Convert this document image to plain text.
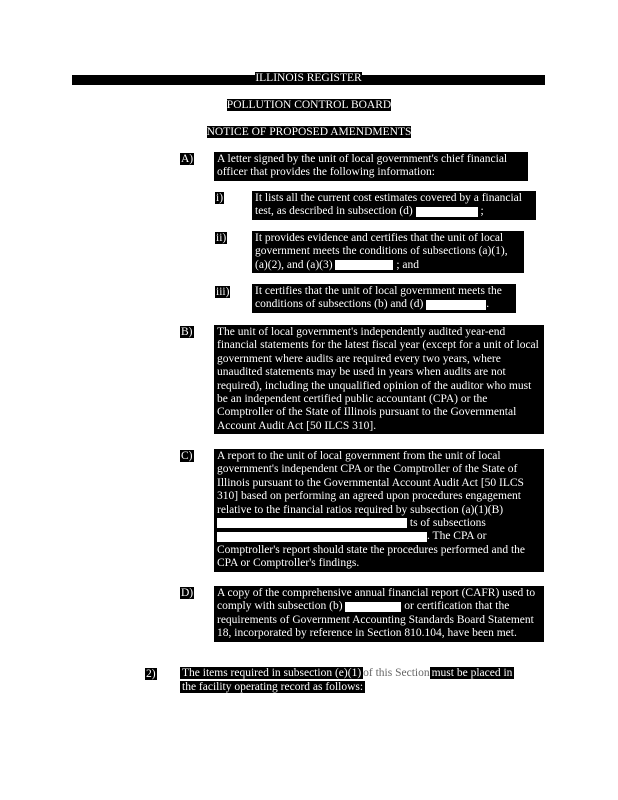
ILLINOIS REGISTER
POLLUTION CONTROL BOARD
NOTICE OF PROPOSED AMENDMENTS
A) A letter signed by the unit of local government's chief financial officer that provides the following information:

i)	It lists all the current cost estimates covered by a financial test, as described in subsection (d)	;

ii)	It provides evidence and certifies that the unit of local government meets the conditions of subsections (a)(1), (a)(2), and (a)(3)	; and

iii) It certifies that the unit of local government meets the conditions of subsections (b) and (d)	.

B) The unit of local government's independently audited year-end financial statements for the latest fiscal year (except for a unit of local government where audits are required every two years, where unaudited statements may be used in years when audits are not required), including the unqualified opinion of the auditor who must be an independent certified public accountant (CPA) or the Comptroller of the State of Illinois pursuant to the Governmental Account Audit Act [50 ILCS 310].

C) A report to the unit of local government from the unit of local government's independent CPA or the Comptroller of the State of Illinois pursuant to the Governmental Account Audit Act [50 ILCS 310] based on performing an agreed upon procedures engagement relative to the financial ratios required by subsection (a)(1)(B)  ts of subsections . The CPA or Comptroller's report should state the procedures performed and the CPA or Comptroller's findings.

D) A copy of the comprehensive annual financial report (CAFR) used to comply with subsection (b)	or certification that the requirements of Government Accounting Standards Board Statement 18, incorporated by reference in Section 810.104, have been met.

2) The items required in subsection (e)(1) of this Section must be placed in
the facility operating record as follows:
